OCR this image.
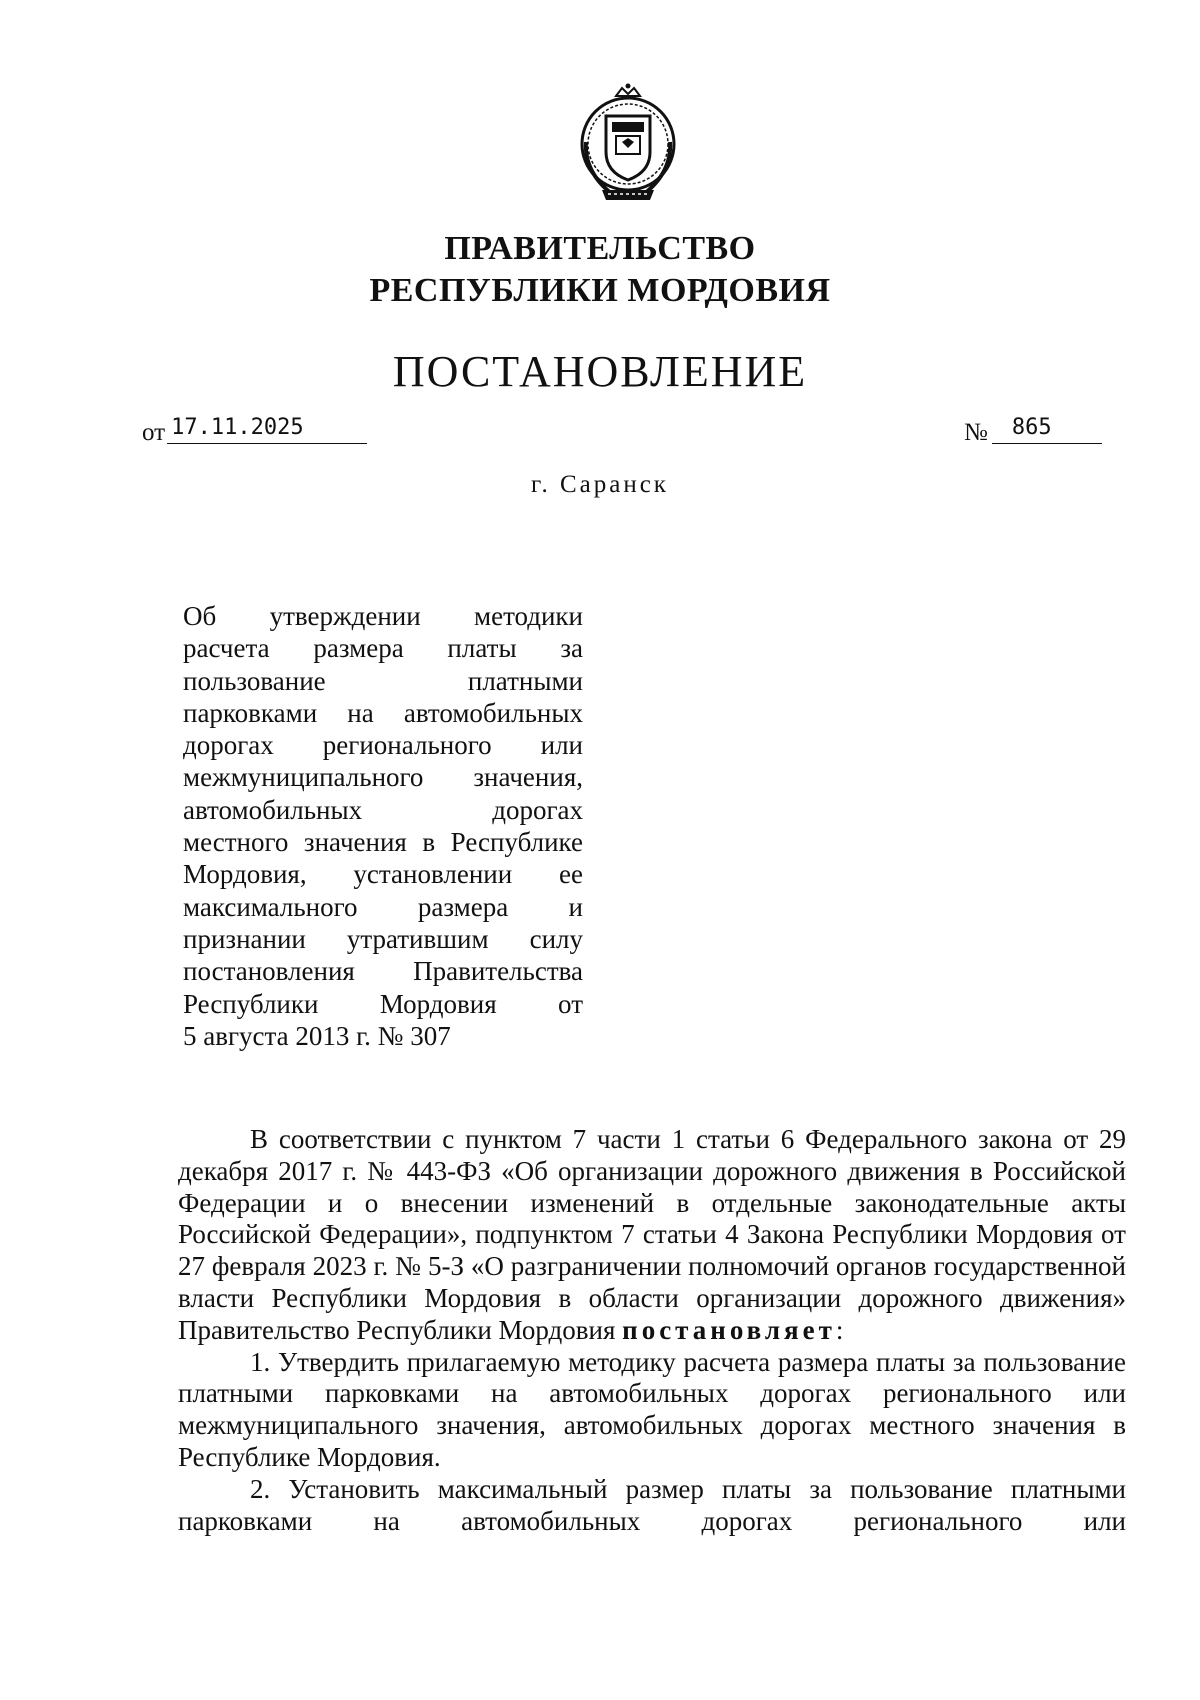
ПРАВИТЕЛЬСТВО
РЕСПУБЛИКИ МОРДОВИЯ
ПОСТАНОВЛЕНИЕ
от 17.11.2025	№ 865
г. Саранск
Об утверждении методики
расчета размера платы за
пользование платными
парковками на автомобильных
дорогах регионального или
межмуниципального значения,
автомобильных дорогах
местного значения в Республике
Мордовия, установлении ее
максимального размера и
признании утратившим силу
постановления Правительства
Республики Мордовия от
5 августа 2013 г. № 307

В соответствии с пунктом 7 части 1 статьи 6 Федерального закона от 29 декабря 2017 г. № 443-ФЗ «Об организации дорожного движения в Российской Федерации и о внесении изменений в отдельные законодательные акты Российской Федерации», подпунктом 7 статьи 4 Закона Республики Мордовия от 27 февраля 2023 г. № 5-З «О разграничении полномочий органов государственной власти Республики Мордовия в области организации дорожного движения» Правительство Республики Мордовия постановляет:

1. Утвердить прилагаемую методику расчета размера платы за пользование платными парковками на автомобильных дорогах регионального или межмуниципального значения, автомобильных дорогах местного значения в Республике Мордовия.

2. Установить максимальный размер платы за пользование платными парковками на автомобильных дорогах регионального или
